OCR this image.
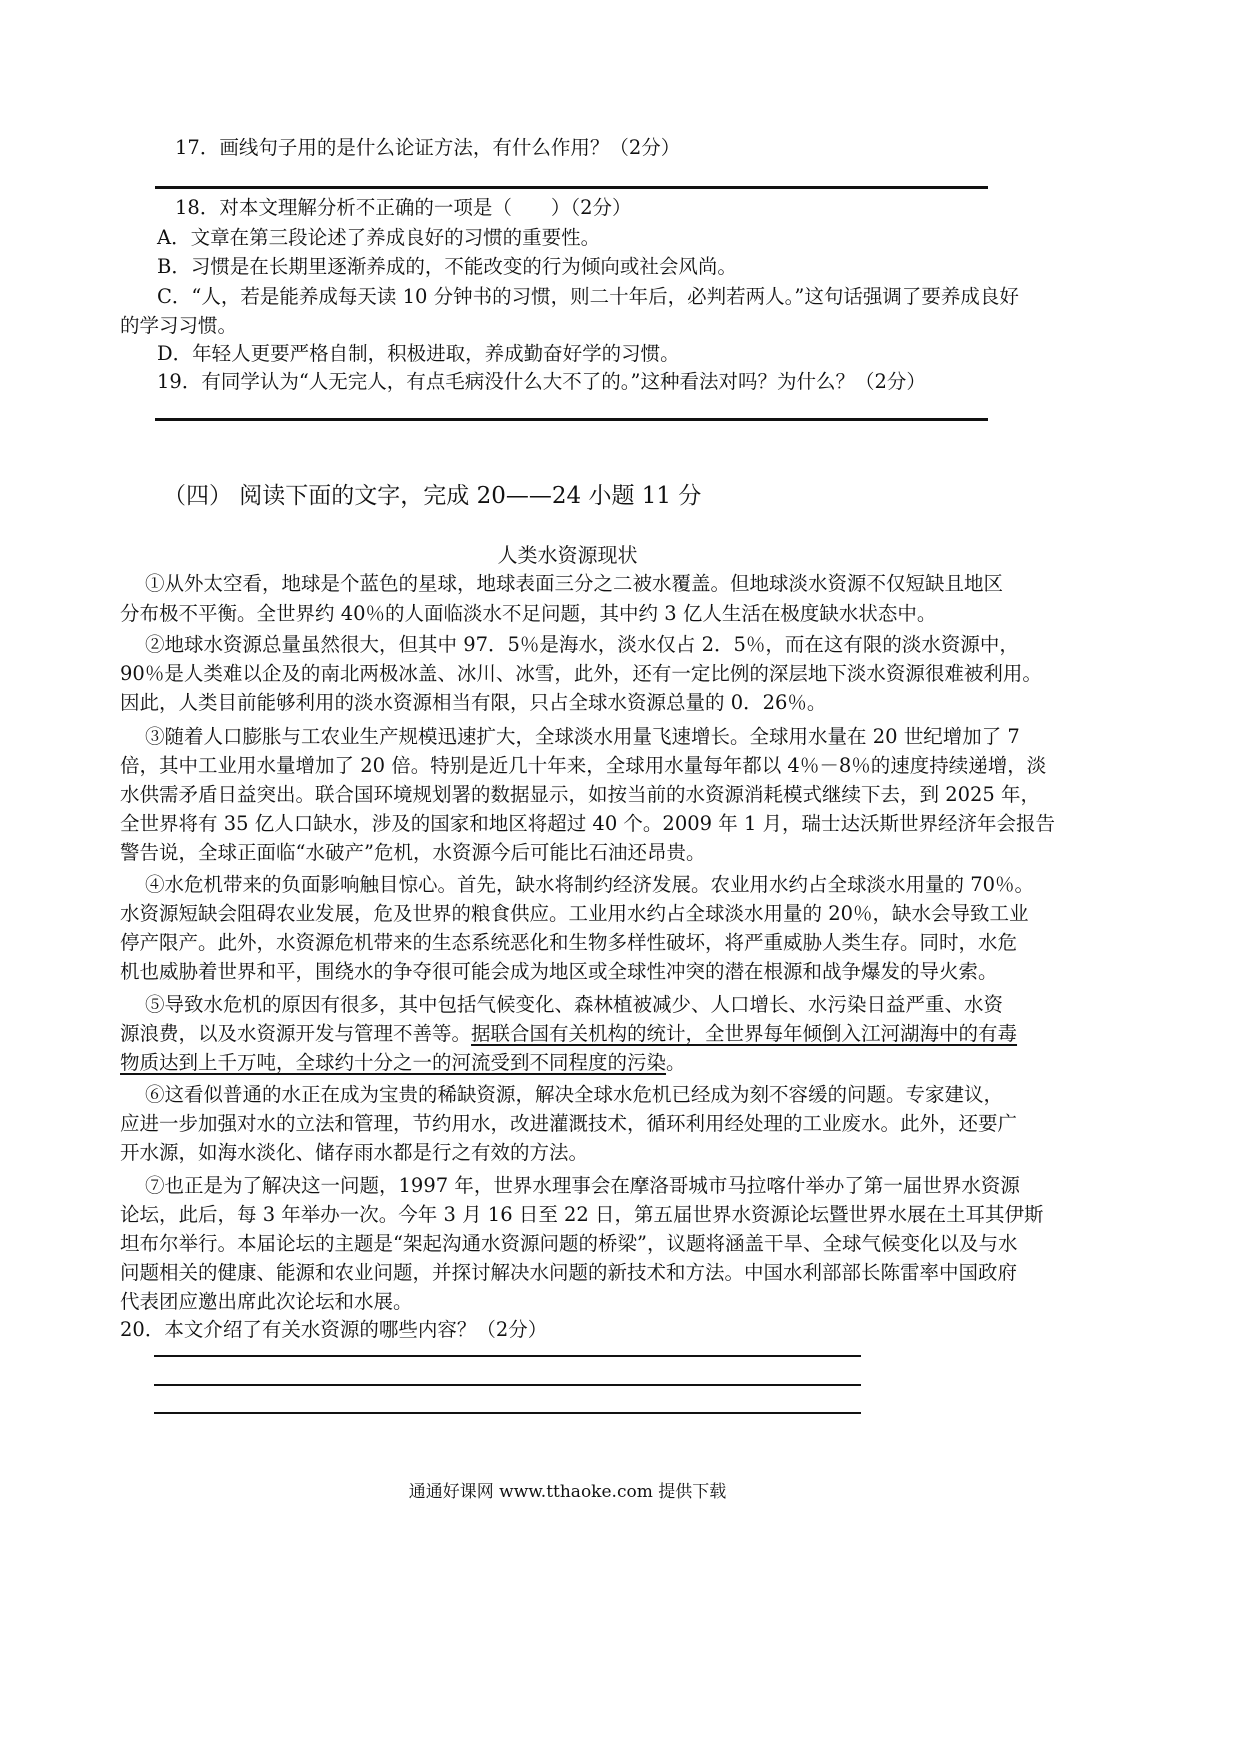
17．画线句子用的是什么论证方法，有什么作用？（2分）
18．对本文理解分析不正确的一项是（　　）（2分）
A．文章在第三段论述了养成良好的习惯的重要性。
B．习惯是在长期里逐渐养成的，不能改变的行为倾向或社会风尚。
C．“人，若是能养成每天读 10 分钟书的习惯，则二十年后，必判若两人。”这句话强调了要养成良好
的学习习惯。
D．年轻人更要严格自制，积极进取，养成勤奋好学的习惯。
19．有同学认为“人无完人，有点毛病没什么大不了的。”这种看法对吗？为什么？（2分）
（四） 阅读下面的文字，完成 20——24 小题 11 分
人类水资源现状
①从外太空看，地球是个蓝色的星球，地球表面三分之二被水覆盖。但地球淡水资源不仅短缺且地区
分布极不平衡。全世界约 40％的人面临淡水不足问题，其中约 3 亿人生活在极度缺水状态中。
②地球水资源总量虽然很大，但其中 97．5％是海水，淡水仅占 2．5％，而在这有限的淡水资源中，
90％是人类难以企及的南北两极冰盖、冰川、冰雪，此外，还有一定比例的深层地下淡水资源很难被利用。
因此，人类目前能够利用的淡水资源相当有限，只占全球水资源总量的 0．26％。
③随着人口膨胀与工农业生产规模迅速扩大，全球淡水用量飞速增长。全球用水量在 20 世纪增加了 7
倍，其中工业用水量增加了 20 倍。特别是近几十年来，全球用水量每年都以 4％－8％的速度持续递增，淡
水供需矛盾日益突出。联合国环境规划署的数据显示，如按当前的水资源消耗模式继续下去，到 2025 年，
全世界将有 35 亿人口缺水，涉及的国家和地区将超过 40 个。2009 年 1 月，瑞士达沃斯世界经济年会报告
警告说，全球正面临“水破产”危机，水资源今后可能比石油还昂贵。
④水危机带来的负面影响触目惊心。首先，缺水将制约经济发展。农业用水约占全球淡水用量的 70％。
水资源短缺会阻碍农业发展，危及世界的粮食供应。工业用水约占全球淡水用量的 20％，缺水会导致工业
停产限产。此外，水资源危机带来的生态系统恶化和生物多样性破坏，将严重威胁人类生存。同时，水危
机也威胁着世界和平，围绕水的争夺很可能会成为地区或全球性冲突的潜在根源和战争爆发的导火索。
⑤导致水危机的原因有很多，其中包括气候变化、森林植被减少、人口增长、水污染日益严重、水资
源浪费，以及水资源开发与管理不善等。据联合国有关机构的统计，全世界每年倾倒入江河湖海中的有毒
物质达到上千万吨，全球约十分之一的河流受到不同程度的污染。
⑥这看似普通的水正在成为宝贵的稀缺资源，解决全球水危机已经成为刻不容缓的问题。专家建议，
应进一步加强对水的立法和管理，节约用水，改进灌溉技术，循环利用经处理的工业废水。此外，还要广
开水源，如海水淡化、储存雨水都是行之有效的方法。
⑦也正是为了解决这一问题，1997 年，世界水理事会在摩洛哥城市马拉喀什举办了第一届世界水资源
论坛，此后，每 3 年举办一次。今年 3 月 16 日至 22 日，第五届世界水资源论坛暨世界水展在土耳其伊斯
坦布尔举行。本届论坛的主题是“架起沟通水资源问题的桥梁”，议题将涵盖干旱、全球气候变化以及与水
问题相关的健康、能源和农业问题，并探讨解决水问题的新技术和方法。中国水利部部长陈雷率中国政府
代表团应邀出席此次论坛和水展。
20．本文介绍了有关水资源的哪些内容？（2分）
通通好课网 www.tthaoke.com 提供下载
